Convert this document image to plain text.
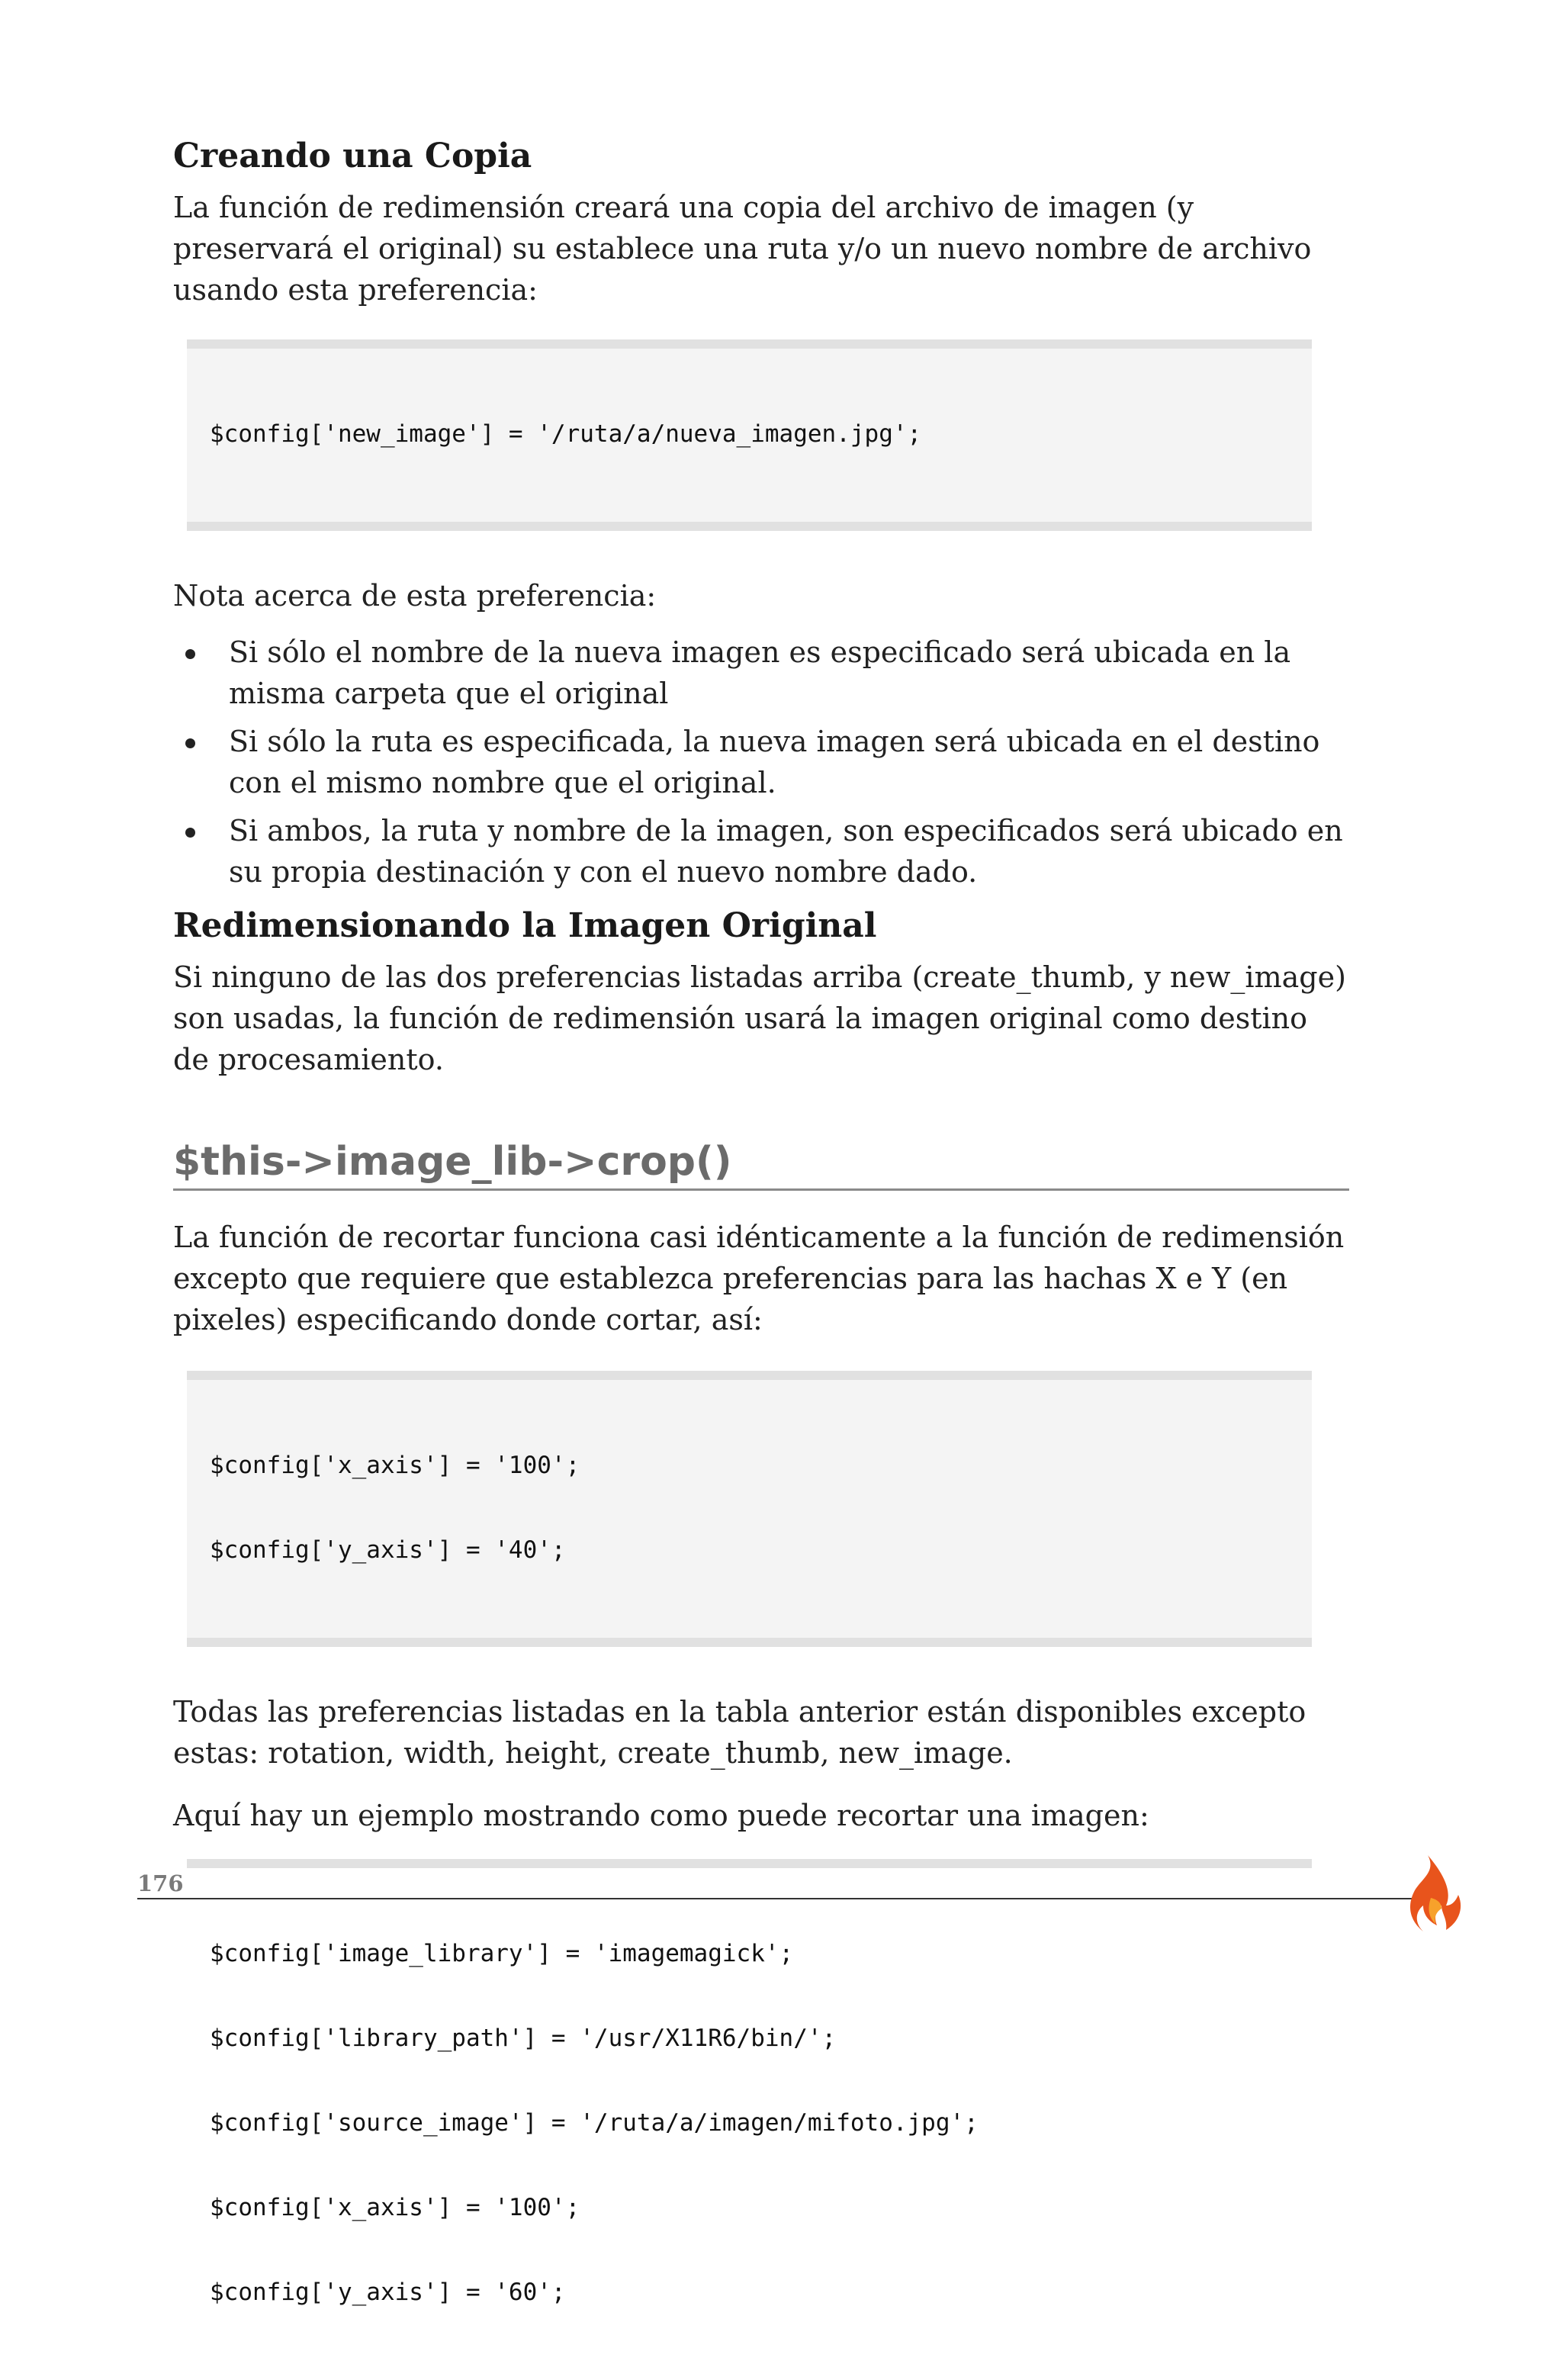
Creando una Copia

La función de redimensión creará una copia del archivo de imagen (y preservará el original) su establece una ruta y/o un nuevo nombre de archivo usando esta preferencia:

$config['new_image'] = '/ruta/a/nueva_imagen.jpg';

Nota acerca de esta preferencia:

Si sólo el nombre de la nueva imagen es especificado será ubicada en la misma carpeta que el original
Si sólo la ruta es especificada, la nueva imagen será ubicada en el destino con el mismo nombre que el original.
Si ambos, la ruta y nombre de la imagen, son especificados será ubicado en su propia destinación y con el nuevo nombre dado.
Redimensionando la Imagen Original

Si ninguno de las dos preferencias listadas arriba (create_thumb, y new_image) son usadas, la función de redimensión usará la imagen original como destino de procesamiento.

$this->image_lib->crop()

La función de recortar funciona casi idénticamente a la función de redimensión excepto que requiere que establezca preferencias para las hachas X e Y (en pixeles) especificando donde cortar, así:

$config['x_axis'] = '100';

$config['y_axis'] = '40';

Todas las preferencias listadas en la tabla anterior están disponibles excepto estas: rotation, width, height, create_thumb, new_image.

Aquí hay un ejemplo mostrando como puede recortar una imagen:

$config['image_library'] = 'imagemagick';

$config['library_path'] = '/usr/X11R6/bin/';

$config['source_image'] = '/ruta/a/imagen/mifoto.jpg';

$config['x_axis'] = '100';

$config['y_axis'] = '60';

176
